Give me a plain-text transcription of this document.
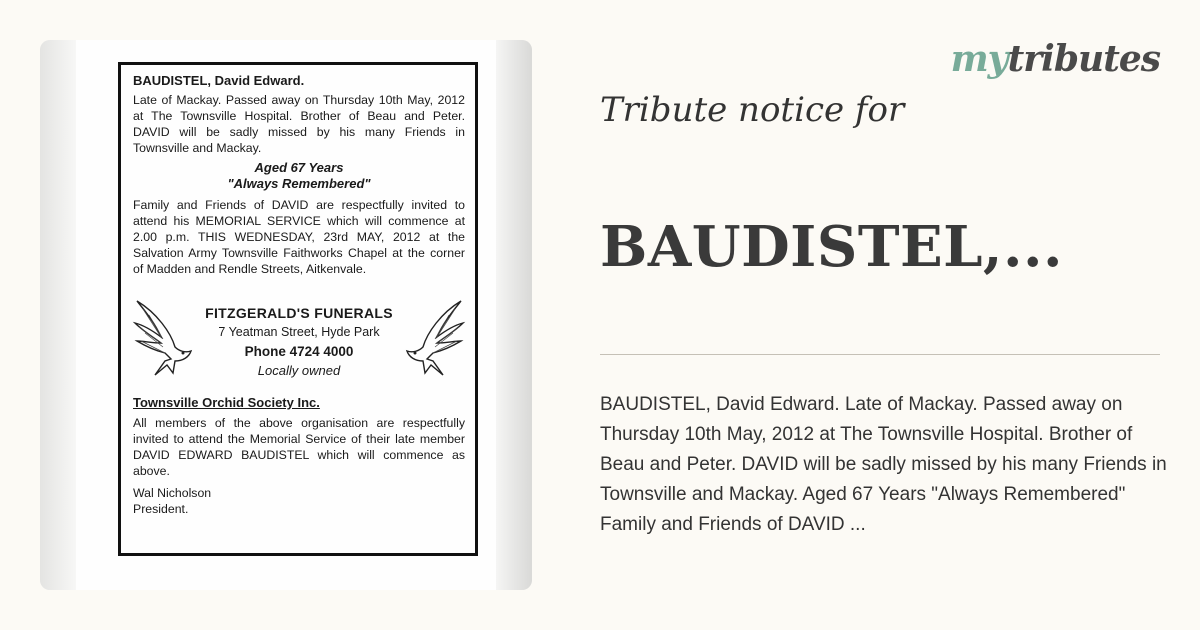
BAUDISTEL, David Edward.

Late of Mackay. Passed away on Thursday 10th May, 2012 at The Townsville Hospital. Brother of Beau and Peter. DAVID will be sadly missed by his many Friends in Townsville and Mackay.

Aged 67 Years

"Always Remembered"

Family and Friends of DAVID are respectfully invited to attend his MEMORIAL SERVICE which will commence at 2.00 p.m. THIS WEDNESDAY, 23rd MAY, 2012 at the Salvation Army Townsville Faithworks Chapel at the corner of Madden and Rendle Streets, Aitkenvale.

FITZGERALD'S FUNERALS
7 Yeatman Street, Hyde Park
Phone 4724 4000
Locally owned

Townsville Orchid Society Inc.

All members of the above organisation are respectfully invited to attend the Memorial Service of their late member DAVID EDWARD BAUDISTEL which will commence as above.

Wal Nicholson

President.

mytributes
Tribute notice for
BAUDISTEL,...

BAUDISTEL, David Edward. Late of Mackay. Passed away on Thursday 10th May, 2012 at The Townsville Hospital. Brother of Beau and Peter. DAVID will be sadly missed by his many Friends in Townsville and Mackay. Aged 67 Years "Always Remembered" Family and Friends of DAVID ...
